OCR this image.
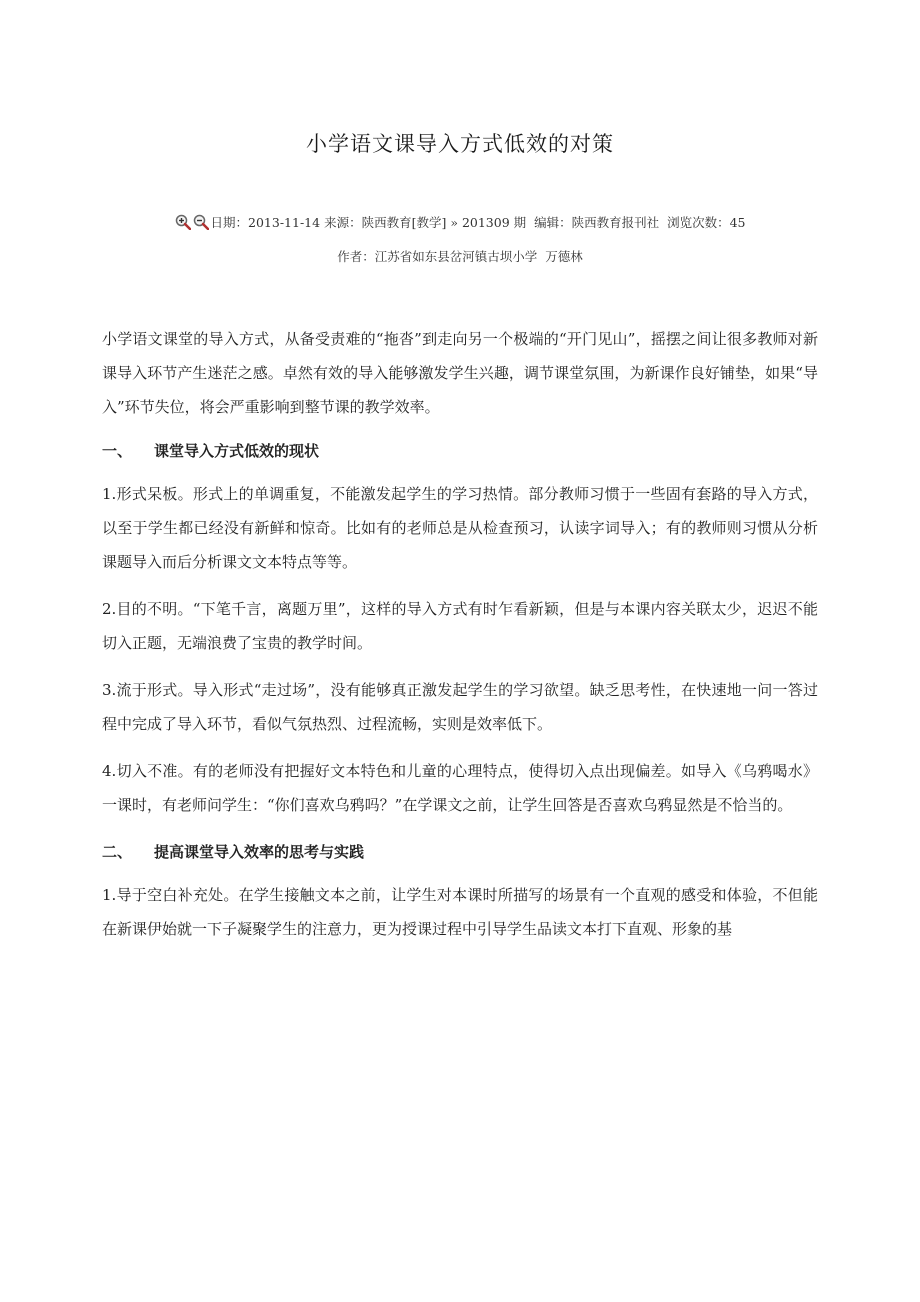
小学语文课导入方式低效的对策
日期：2013-11-14 来源：陕西教育[教学] » 201309 期 编辑：陕西教育报刊社 浏览次数：45
作者：江苏省如东县岔河镇古坝小学  万德林

小学语文课堂的导入方式，从备受责难的“拖沓”到走向另一个极端的“开门见山”，摇摆之间让很多教师对新课导入环节产生迷茫之感。卓然有效的导入能够激发学生兴趣，调节课堂氛围，为新课作良好铺垫，如果“导入”环节失位，将会严重影响到整节课的教学效率。

一、 课堂导入方式低效的现状

1.形式呆板。形式上的单调重复，不能激发起学生的学习热情。部分教师习惯于一些固有套路的导入方式，以至于学生都已经没有新鲜和惊奇。比如有的老师总是从检查预习，认读字词导入；有的教师则习惯从分析课题导入而后分析课文文本特点等等。

2.目的不明。“下笔千言，离题万里”，这样的导入方式有时乍看新颖，但是与本课内容关联太少，迟迟不能切入正题，无端浪费了宝贵的教学时间。

3.流于形式。导入形式“走过场”，没有能够真正激发起学生的学习欲望。缺乏思考性，在快速地一问一答过程中完成了导入环节，看似气氛热烈、过程流畅，实则是效率低下。

4.切入不准。有的老师没有把握好文本特色和儿童的心理特点，使得切入点出现偏差。如导入《乌鸦喝水》一课时，有老师问学生：“你们喜欢乌鸦吗？”在学课文之前，让学生回答是否喜欢乌鸦显然是不恰当的。

二、 提高课堂导入效率的思考与实践

1.导于空白补充处。在学生接触文本之前，让学生对本课时所描写的场景有一个直观的感受和体验，不但能在新课伊始就一下子凝聚学生的注意力，更为授课过程中引导学生品读文本打下直观、形象的基
